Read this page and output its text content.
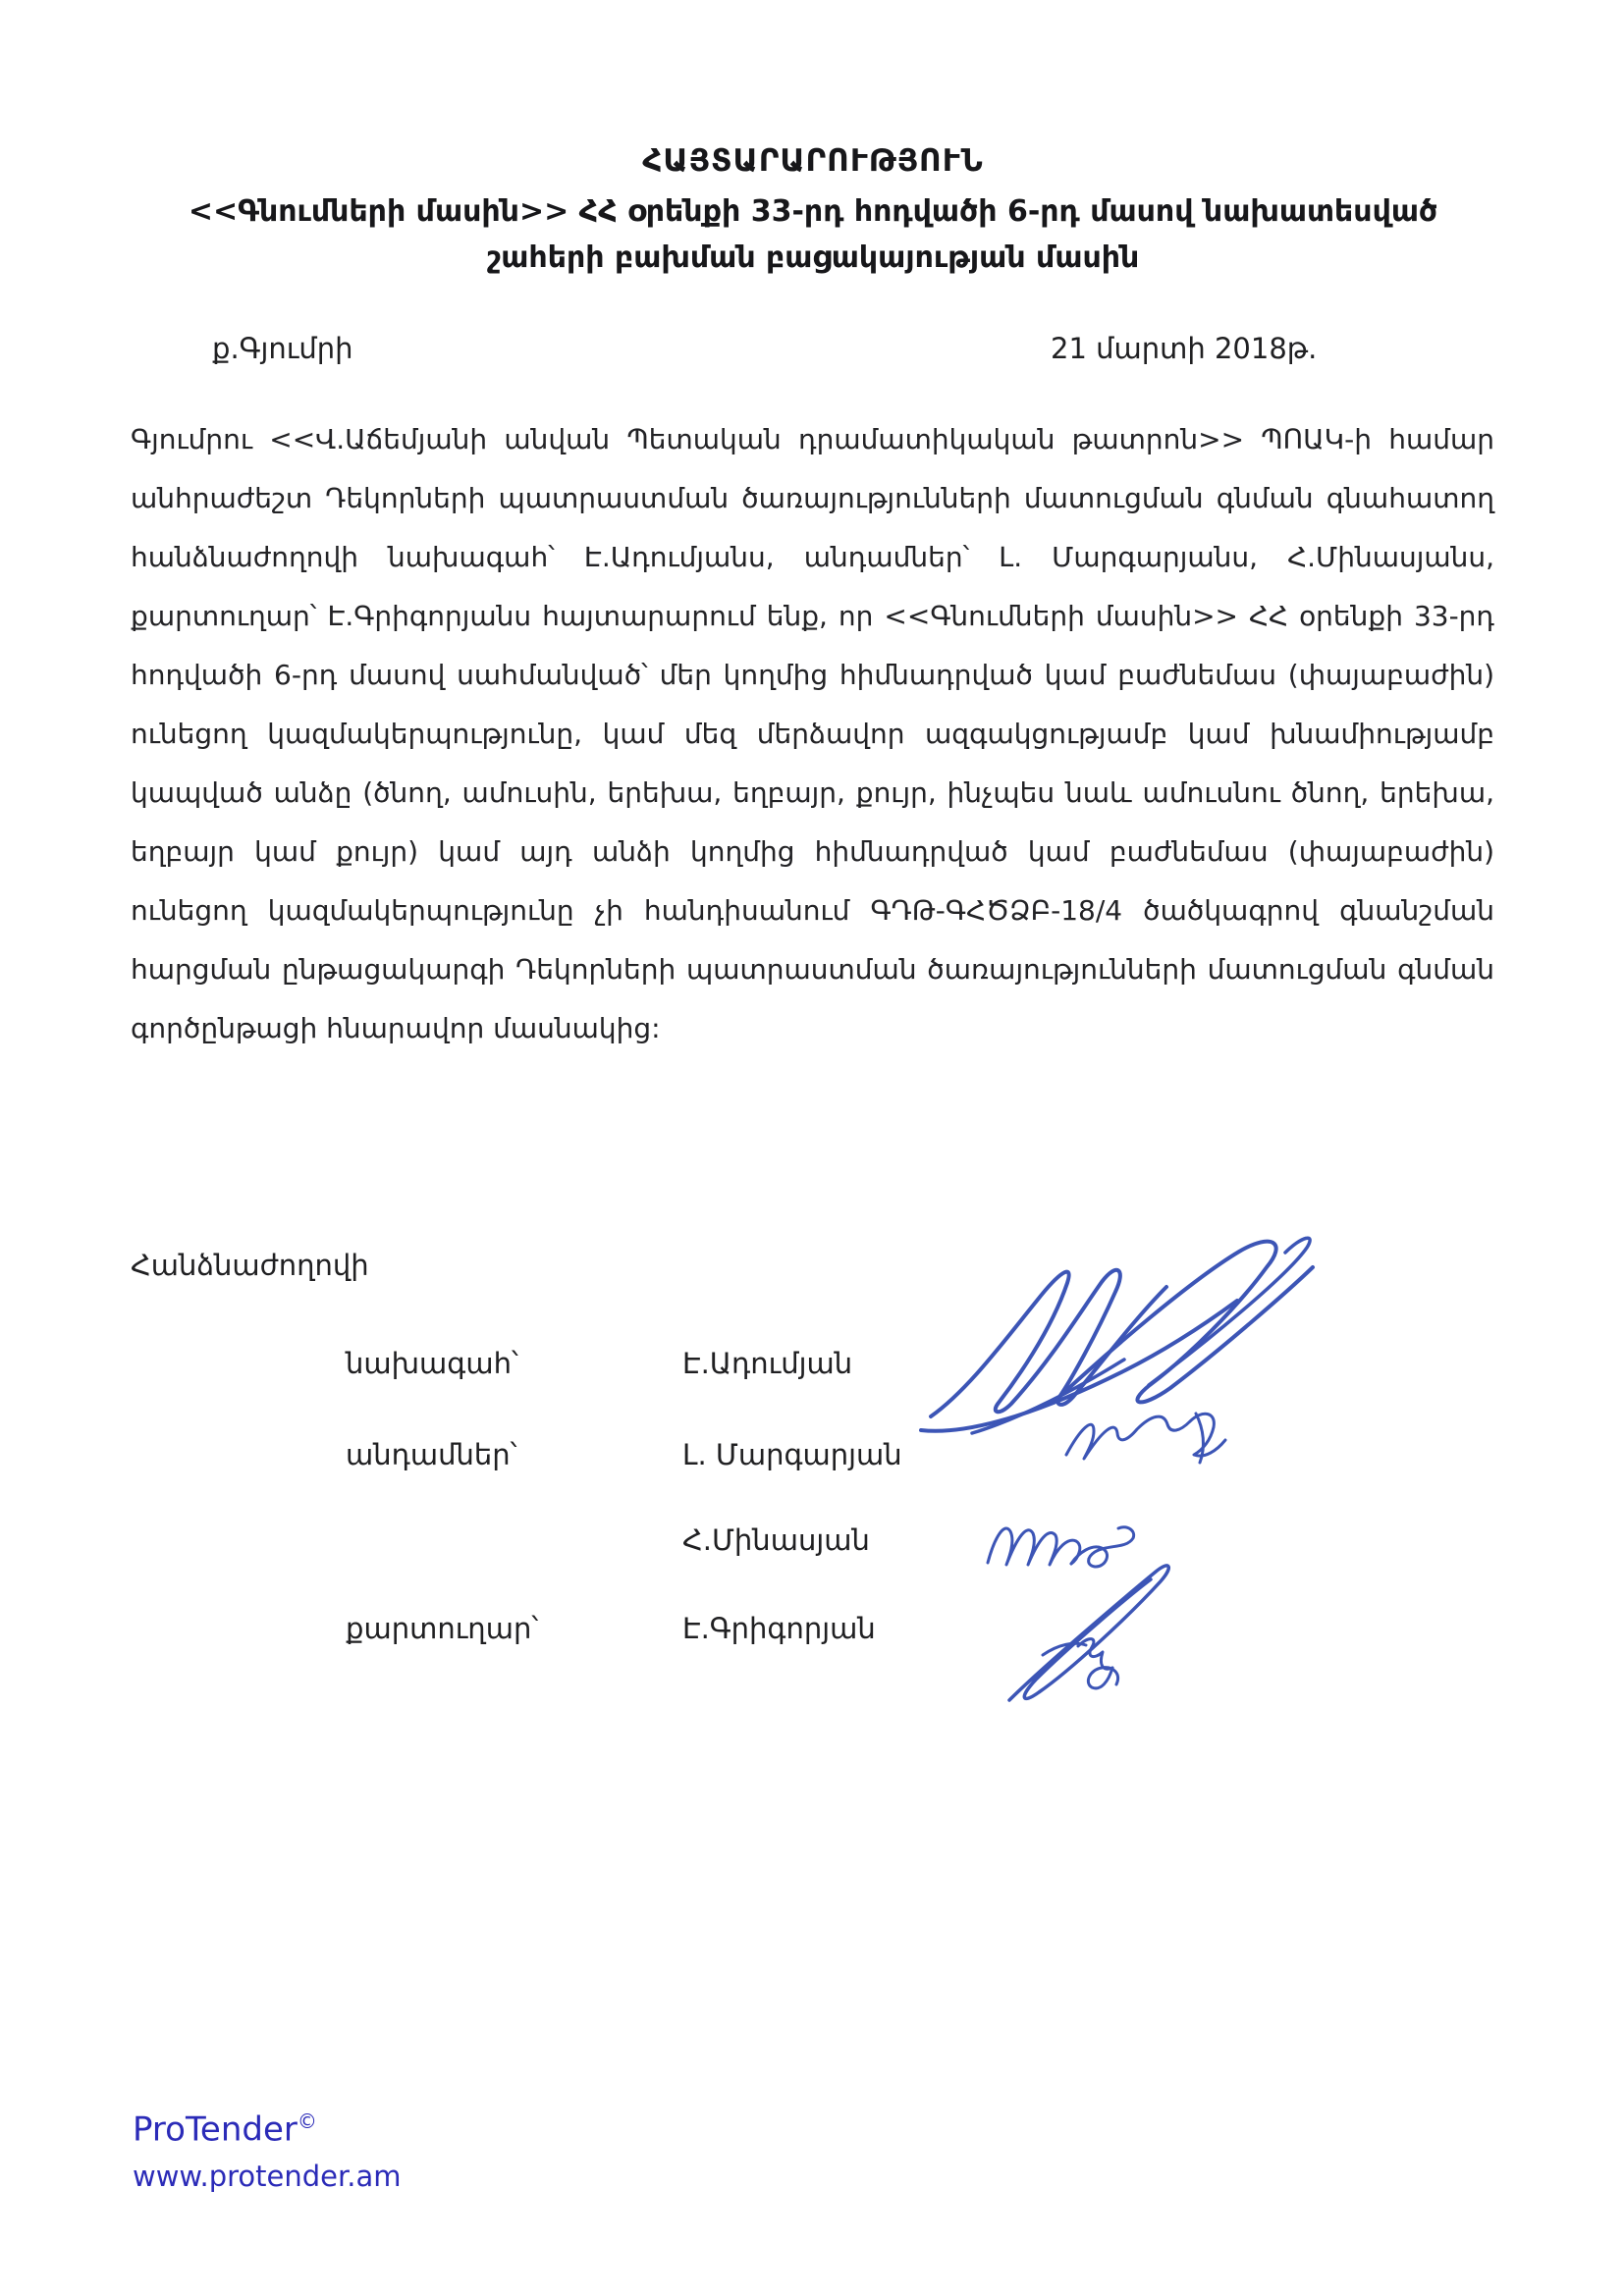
ՀԱՅՏԱՐԱՐՈՒԹՅՈՒՆ
<<Գնումների մասին>> ՀՀ օրենքի 33-րդ հոդվածի 6-րդ մասով նախատեսված
շահերի բախման բացակայության մասին
ք.Գյումրի	21 մարտի 2018թ.
Գյումրու <<Վ.Աճեմյանի անվան Պետական դրամատիկական թատրոն>> ՊՈԱԿ-ի համար անհրաժեշտ Դեկորների պատրաստման ծառայությունների մատուցման գնման գնահատող հանձնաժողովի նախագահ՝ Է.Ադումյանս, անդամներ՝ Լ. Մարգարյանս, Հ.Մինասյանս, քարտուղար՝ Է.Գրիգորյանս հայտարարում ենք, որ <<Գնումների մասին>> ՀՀ օրենքի 33-րդ հոդվածի 6-րդ մասով սահմանված՝ մեր կողմից հիմնադրված կամ բաժնեմաս (փայաբաժին) ունեցող կազմակերպությունը, կամ մեզ մերձավոր ազգակցությամբ կամ խնամիությամբ կապված անձը (ծնող, ամուսին, երեխա, եղբայր, քույր, ինչպես նաև ամուսնու ծնող, երեխա, եղբայր կամ քույր) կամ այդ անձի կողմից հիմնադրված կամ բաժնեմաս (փայաբաժին) ունեցող կազմակերպությունը չի հանդիսանում ԳԴԹ-ԳՀԾՁԲ-18/4 ծածկագրով գնանշման հարցման ընթացակարգի Դեկորների պատրաստման ծառայությունների մատուցման գնման գործընթացի հնարավոր մասնակից:
Հանձնաժողովի
նախագահ՝	Է.Ադումյան
անդամներ՝	Լ. Մարգարյան
Հ.Մինասյան
քարտուղար՝	Է.Գրիգորյան
ProTender©
www.protender.am
